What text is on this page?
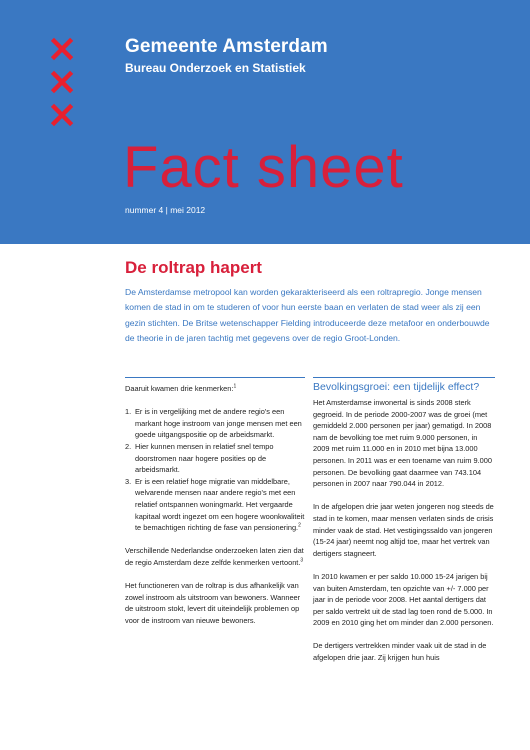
×
×
×
Gemeente Amsterdam
Bureau Onderzoek en Statistiek
Fact sheet
nummer 4 | mei 2012
De roltrap hapert
De Amsterdamse metropool kan worden gekarakteriseerd als een roltrapregio. Jonge mensen komen de stad in om te studeren of voor hun eerste baan en verlaten de stad weer als zij een gezin stichten. De Britse wetenschapper Fielding introduceerde deze metafoor en onderbouwde de theorie in de jaren tachtig met gegevens over de regio Groot-Londen.

Daaruit kwamen drie kenmerken:$^1$

1. Er is in vergelijking met de andere regio's een markant hoge instroom van jonge mensen met een goede uitgangspositie op de arbeidsmarkt.
2. Hier kunnen mensen in relatief snel tempo doorstromen naar hogere posities op de arbeidsmarkt.
3. Er is een relatief hoge migratie van middelbare, welvarende mensen naar andere regio's met een relatief ontspannen woningmarkt. Het vergaarde kapitaal wordt ingezet om een hogere woonkwaliteit te bemachtigen richting de fase van pensionering.$^2$

Verschillende Nederlandse onderzoeken laten zien dat de regio Amsterdam deze zelfde kenmerken vertoont.$^3$

Het functioneren van de roltrap is dus afhankelijk van zowel instroom als uitstroom van bewoners. Wanneer de uitstroom stokt, levert dit uiteindelijk problemen op voor de instroom van nieuwe bewoners.

Bevolkingsgroei: een tijdelijk effect?

Het Amsterdamse inwonertal is sinds 2008 sterk gegroeid. In de periode 2000-2007 was de groei (met gemiddeld 2.000 personen per jaar) gematigd. In 2008 nam de bevolking toe met ruim 9.000 personen, in 2009 met ruim 11.000 en in 2010 met bijna 13.000 personen. In 2011 was er een toename van ruim 9.000 personen. De bevolking gaat daarmee van 743.104 personen in 2007 naar 790.044 in 2012.

In de afgelopen drie jaar weten jongeren nog steeds de stad in te komen, maar mensen verlaten sinds de crisis minder vaak de stad. Het vestigingssaldo van jongeren (15-24 jaar) neemt nog altijd toe, maar het vertrek van dertigers stagneert.

In 2010 kwamen er per saldo 10.000 15-24 jarigen bij van buiten Amsterdam, ten opzichte van +/- 7.000 per jaar in de periode voor 2008. Het aantal dertigers dat per saldo vertrekt uit de stad lag toen rond de 5.000. In 2009 en 2010 ging het om minder dan 2.000 personen.

De dertigers vertrekken minder vaak uit de stad in de afgelopen drie jaar. Zij krijgen hun huis
